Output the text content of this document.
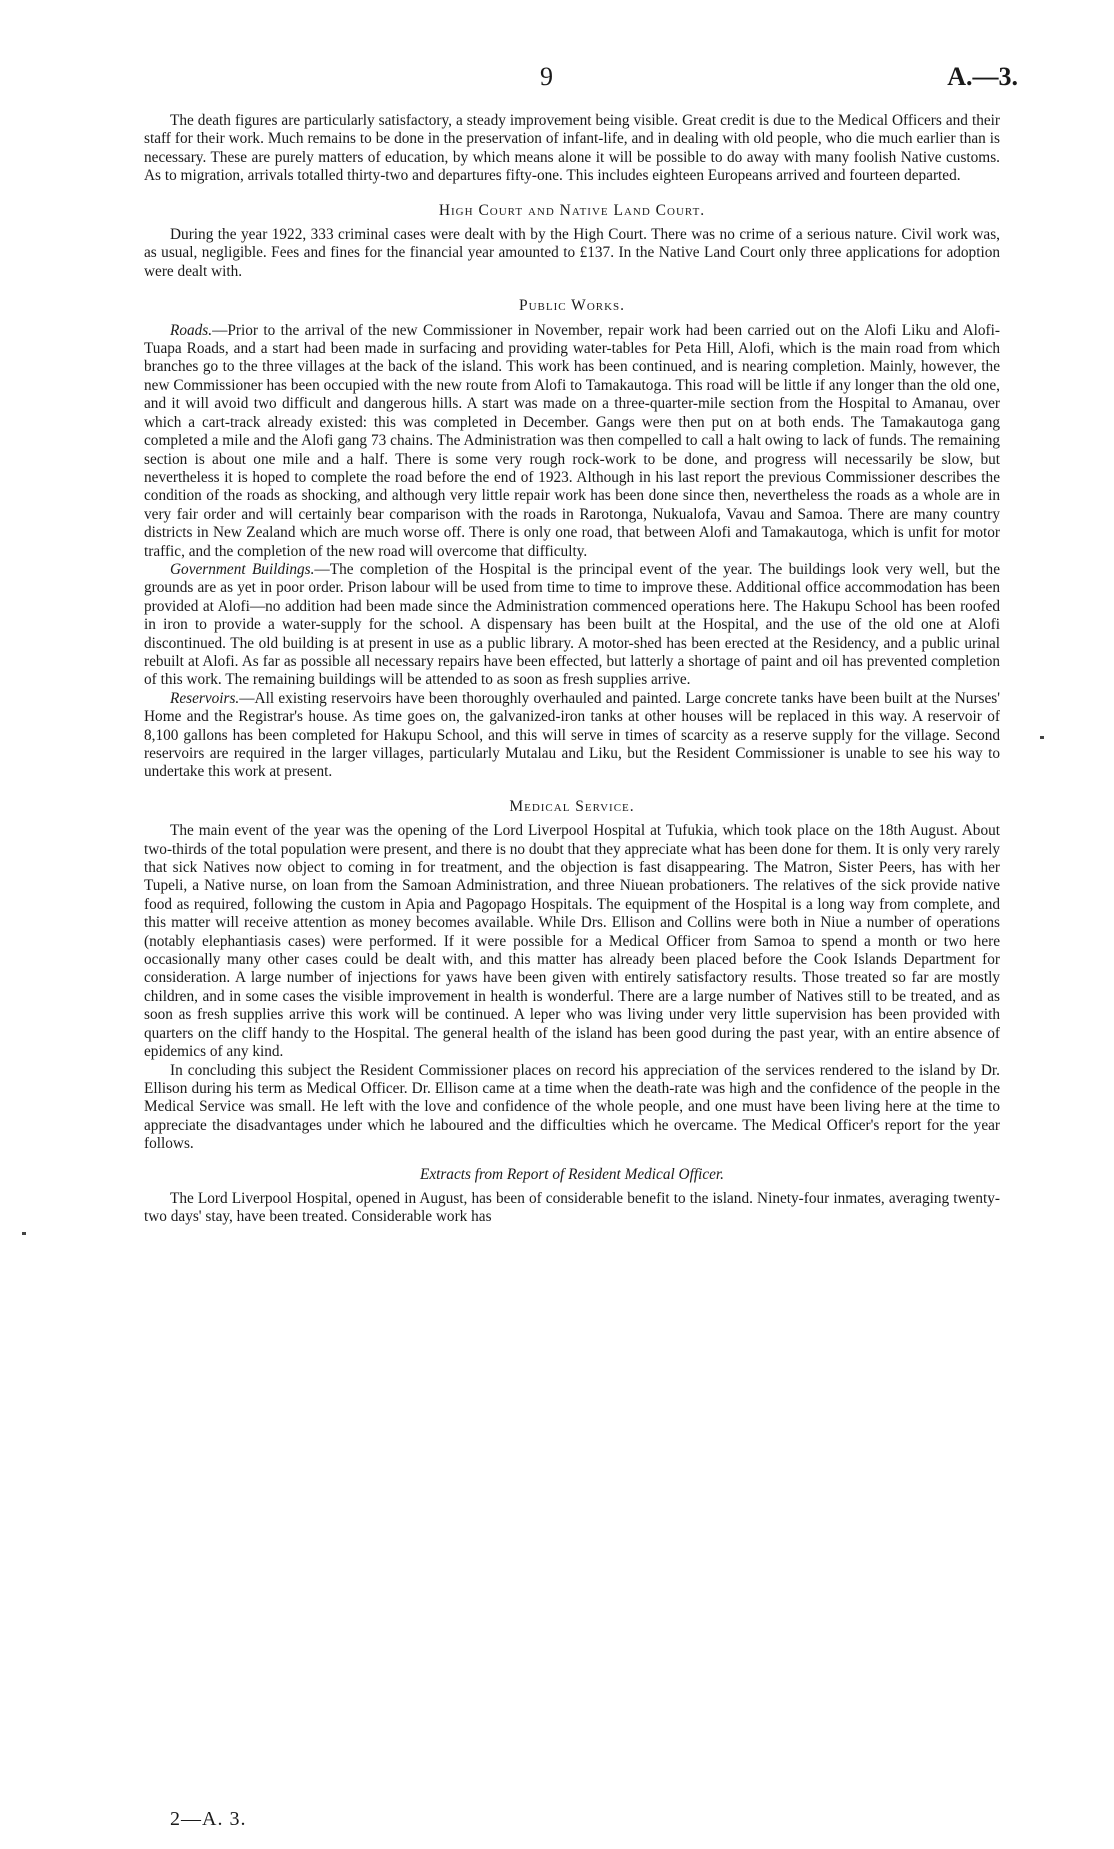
9	A.—3.

The death figures are particularly satisfactory, a steady improvement being visible. Great credit is due to the Medical Officers and their staff for their work. Much remains to be done in the preservation of infant-life, and in dealing with old people, who die much earlier than is necessary. These are purely matters of education, by which means alone it will be possible to do away with many foolish Native customs. As to migration, arrivals totalled thirty-two and departures fifty-one. This includes eighteen Europeans arrived and fourteen departed.

High Court and Native Land Court.

During the year 1922, 333 criminal cases were dealt with by the High Court. There was no crime of a serious nature. Civil work was, as usual, negligible. Fees and fines for the financial year amounted to £137. In the Native Land Court only three applications for adoption were dealt with.

Public Works.

Roads.—Prior to the arrival of the new Commissioner in November, repair work had been carried out on the Alofi Liku and Alofi-Tuapa Roads, and a start had been made in surfacing and providing water-tables for Peta Hill, Alofi, which is the main road from which branches go to the three villages at the back of the island. This work has been continued, and is nearing completion. Mainly, however, the new Commissioner has been occupied with the new route from Alofi to Tamakautoga. This road will be little if any longer than the old one, and it will avoid two difficult and dangerous hills. A start was made on a three-quarter-mile section from the Hospital to Amanau, over which a cart-track already existed: this was completed in December. Gangs were then put on at both ends. The Tamakautoga gang completed a mile and the Alofi gang 73 chains. The Administration was then compelled to call a halt owing to lack of funds. The remaining section is about one mile and a half. There is some very rough rock-work to be done, and progress will necessarily be slow, but nevertheless it is hoped to complete the road before the end of 1923. Although in his last report the previous Commissioner describes the condition of the roads as shocking, and although very little repair work has been done since then, nevertheless the roads as a whole are in very fair order and will certainly bear comparison with the roads in Rarotonga, Nukualofa, Vavau and Samoa. There are many country districts in New Zealand which are much worse off. There is only one road, that between Alofi and Tamakautoga, which is unfit for motor traffic, and the completion of the new road will overcome that difficulty.

Government Buildings.—The completion of the Hospital is the principal event of the year. The buildings look very well, but the grounds are as yet in poor order. Prison labour will be used from time to time to improve these. Additional office accommodation has been provided at Alofi—no addition had been made since the Administration commenced operations here. The Hakupu School has been roofed in iron to provide a water-supply for the school. A dispensary has been built at the Hospital, and the use of the old one at Alofi discontinued. The old building is at present in use as a public library. A motor-shed has been erected at the Residency, and a public urinal rebuilt at Alofi. As far as possible all necessary repairs have been effected, but latterly a shortage of paint and oil has prevented completion of this work. The remaining buildings will be attended to as soon as fresh supplies arrive.

Reservoirs.—All existing reservoirs have been thoroughly overhauled and painted. Large concrete tanks have been built at the Nurses' Home and the Registrar's house. As time goes on, the galvanized-iron tanks at other houses will be replaced in this way. A reservoir of 8,100 gallons has been completed for Hakupu School, and this will serve in times of scarcity as a reserve supply for the village. Second reservoirs are required in the larger villages, particularly Mutalau and Liku, but the Resident Commissioner is unable to see his way to undertake this work at present.

Medical Service.

The main event of the year was the opening of the Lord Liverpool Hospital at Tufukia, which took place on the 18th August. About two-thirds of the total population were present, and there is no doubt that they appreciate what has been done for them. It is only very rarely that sick Natives now object to coming in for treatment, and the objection is fast disappearing. The Matron, Sister Peers, has with her Tupeli, a Native nurse, on loan from the Samoan Administration, and three Niuean probationers. The relatives of the sick provide native food as required, following the custom in Apia and Pagopago Hospitals. The equipment of the Hospital is a long way from complete, and this matter will receive attention as money becomes available. While Drs. Ellison and Collins were both in Niue a number of operations (notably elephantiasis cases) were performed. If it were possible for a Medical Officer from Samoa to spend a month or two here occasionally many other cases could be dealt with, and this matter has already been placed before the Cook Islands Department for consideration. A large number of injections for yaws have been given with entirely satisfactory results. Those treated so far are mostly children, and in some cases the visible improvement in health is wonderful. There are a large number of Natives still to be treated, and as soon as fresh supplies arrive this work will be continued. A leper who was living under very little supervision has been provided with quarters on the cliff handy to the Hospital. The general health of the island has been good during the past year, with an entire absence of epidemics of any kind.

In concluding this subject the Resident Commissioner places on record his appreciation of the services rendered to the island by Dr. Ellison during his term as Medical Officer. Dr. Ellison came at a time when the death-rate was high and the confidence of the people in the Medical Service was small. He left with the love and confidence of the whole people, and one must have been living here at the time to appreciate the disadvantages under which he laboured and the difficulties which he overcame. The Medical Officer's report for the year follows.

Extracts from Report of Resident Medical Officer.

The Lord Liverpool Hospital, opened in August, has been of considerable benefit to the island. Ninety-four inmates, averaging twenty-two days' stay, have been treated. Considerable work has

2—A. 3.
